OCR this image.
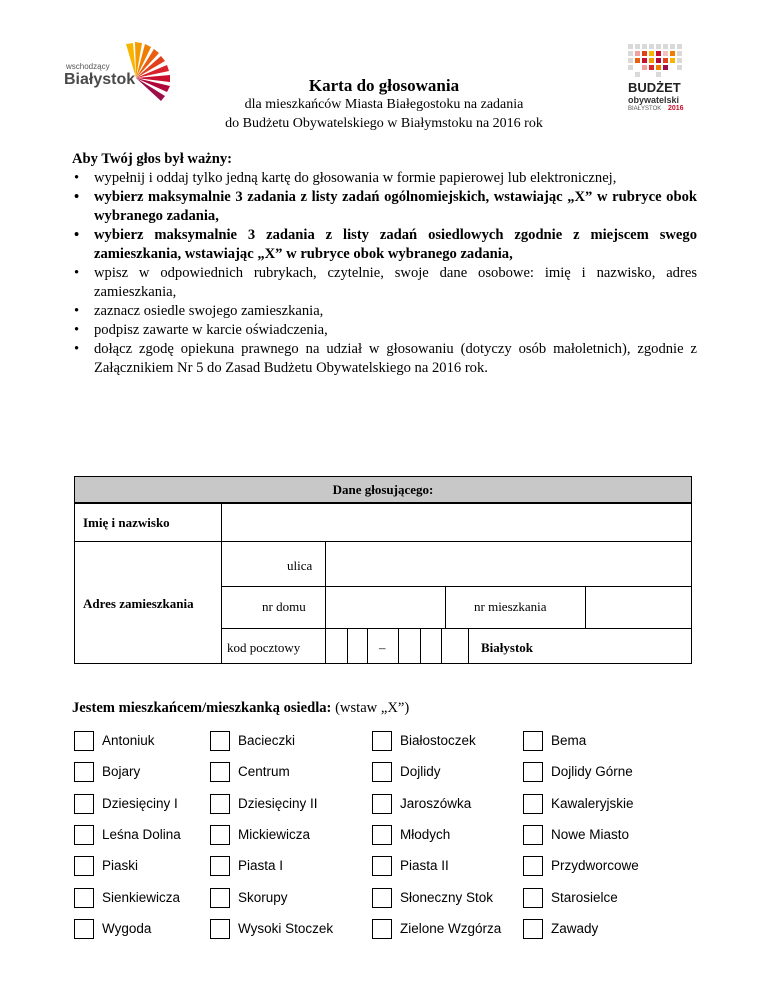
wschodzący
Białystok	BUDŻET
obywatelski
BIAŁYSTOK 2016
Karta do głosowania
dla mieszkańców Miasta Białegostoku na zadania
do Budżetu Obywatelskiego w Białymstoku na 2016 rok
Aby Twój głos był ważny:
• wypełnij i oddaj tylko jedną kartę do głosowania w formie papierowej lub elektronicznej,
• wybierz maksymalnie 3 zadania z listy zadań ogólnomiejskich, wstawiając „X” w rubryce obok wybranego zadania,
• wybierz maksymalnie 3 zadania z listy zadań osiedlowych zgodnie z miejscem swego zamieszkania, wstawiając „X” w rubryce obok wybranego zadania,
• wpisz w odpowiednich rubrykach, czytelnie, swoje dane osobowe: imię i nazwisko, adres zamieszkania,
• zaznacz osiedle swojego zamieszkania,
• podpisz zawarte w karcie oświadczenia,
• dołącz zgodę opiekuna prawnego na udział w głosowaniu (dotyczy osób małoletnich), zgodnie z Załącznikiem Nr 5 do Zasad Budżetu Obywatelskiego na 2016 rok.
Dane głosującego:
Imię i nazwisko
Adres zamieszkania
ulica
nr domu	nr mieszkania
kod pocztowy	–	Białystok
Jestem mieszkańcem/mieszkanką osiedla: (wstaw „X”)
Antoniuk	Bacieczki	Białostoczek	Bema
Bojary	Centrum	Dojlidy	Dojlidy Górne
Dziesięciny I	Dziesięciny II	Jaroszówka	Kawaleryjskie
Leśna Dolina	Mickiewicza	Młodych	Nowe Miasto
Piaski	Piasta I	Piasta II	Przydworcowe
Sienkiewicza	Skorupy	Słoneczny Stok	Starosielce
Wygoda	Wysoki Stoczek	Zielone Wzgórza	Zawady
